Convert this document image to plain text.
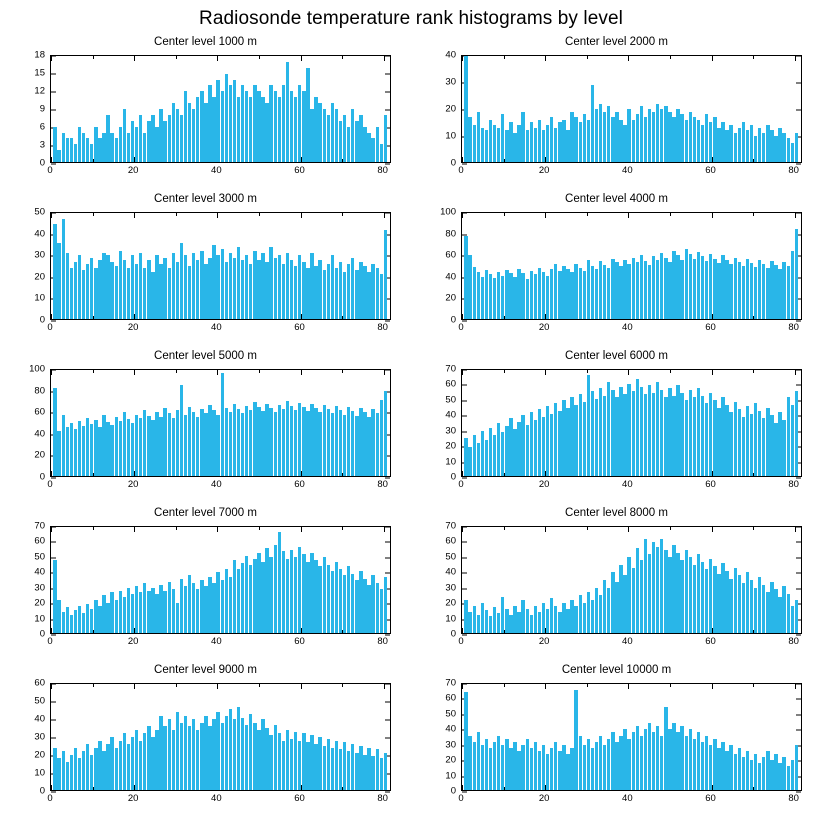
Radiosonde temperature rank histograms by level
Center level 1000 m
0
3
6
9
12
15
18
0	20	40	60	80
Center level 2000 m
0
10
20
30
40
0	20	40	60	80
Center level 3000 m
0
10
20
30
40
50
0	20	40	60	80
Center level 4000 m
0
20
40
60
80
100
0	20	40	60	80
Center level 5000 m
0
20
40
60
80
100
0	20	40	60	80
Center level 6000 m
0
10
20
30
40
50
60
70
0	20	40	60	80
Center level 7000 m
0
10
20
30
40
50
60
70
0	20	40	60	80
Center level 8000 m
0
10
20
30
40
50
60
70
0	20	40	60	80
Center level 9000 m
0
10
20
30
40
50
60
0	20	40	60	80
Center level 10000 m
0
10
20
30
40
50
60
70
0	20	40	60	80
